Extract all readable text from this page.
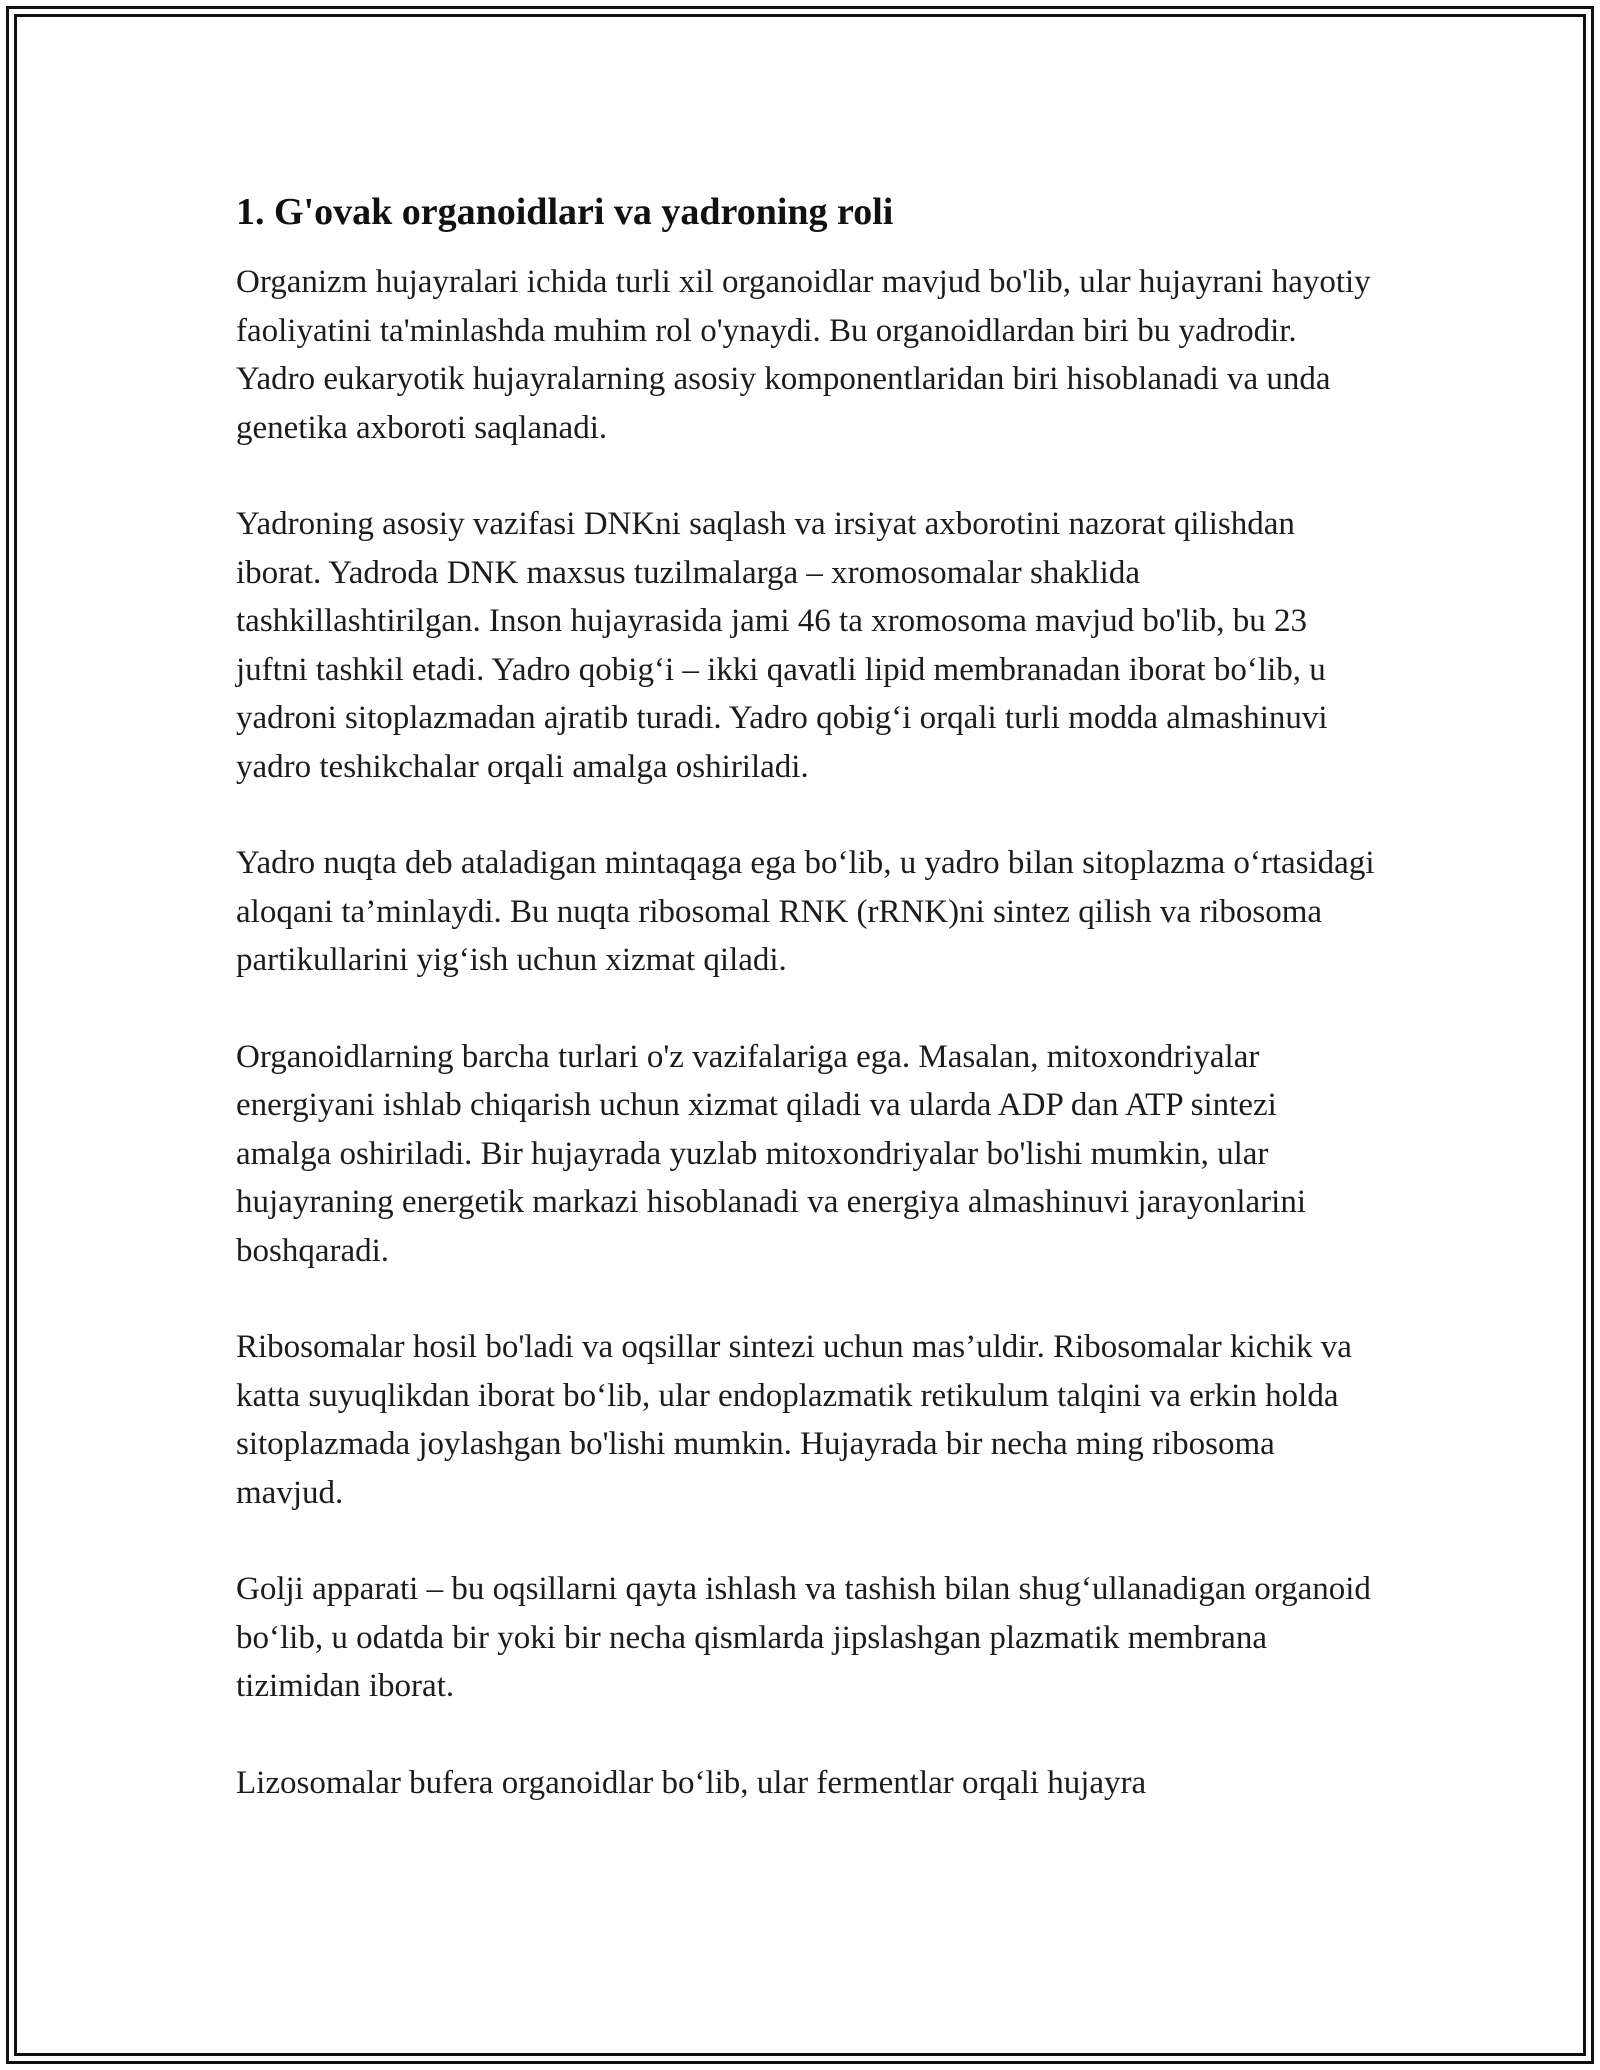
1. G'ovak organoidlari va yadroning roli

Organizm hujayralari ichida turli xil organoidlar mavjud bo'lib, ular hujayrani hayotiy faoliyatini ta'minlashda muhim rol o'ynaydi. Bu organoidlardan biri bu yadrodir. Yadro eukaryotik hujayralarning asosiy komponentlaridan biri hisoblanadi va unda genetika axboroti saqlanadi.

Yadroning asosiy vazifasi DNKni saqlash va irsiyat axborotini nazorat qilishdan iborat. Yadroda DNK maxsus tuzilmalarga – xromosomalar shaklida tashkillashtirilgan. Inson hujayrasida jami 46 ta xromosoma mavjud bo'lib, bu 23 juftni tashkil etadi. Yadro qobig‘i – ikki qavatli lipid membranadan iborat bo‘lib, u yadroni sitoplazmadan ajratib turadi. Yadro qobig‘i orqali turli modda almashinuvi yadro teshikchalar orqali amalga oshiriladi.

Yadro nuqta deb ataladigan mintaqaga ega bo‘lib, u yadro bilan sitoplazma o‘rtasidagi aloqani ta’minlaydi. Bu nuqta ribosomal RNK (rRNK)ni sintez qilish va ribosoma partikullarini yig‘ish uchun xizmat qiladi.

Organoidlarning barcha turlari o'z vazifalariga ega. Masalan, mitoxondriyalar energiyani ishlab chiqarish uchun xizmat qiladi va ularda ADP dan ATP sintezi amalga oshiriladi. Bir hujayrada yuzlab mitoxondriyalar bo'lishi mumkin, ular hujayraning energetik markazi hisoblanadi va energiya almashinuvi jarayonlarini boshqaradi.

Ribosomalar hosil bo'ladi va oqsillar sintezi uchun mas’uldir. Ribosomalar kichik va katta suyuqlikdan iborat bo‘lib, ular endoplazmatik retikulum talqini va erkin holda sitoplazmada joylashgan bo'lishi mumkin. Hujayrada bir necha ming ribosoma mavjud.

Golji apparati – bu oqsillarni qayta ishlash va tashish bilan shug‘ullanadigan organoid bo‘lib, u odatda bir yoki bir necha qismlarda jipslashgan plazmatik membrana tizimidan iborat.

Lizosomalar bufera organoidlar bo‘lib, ular fermentlar orqali hujayra
